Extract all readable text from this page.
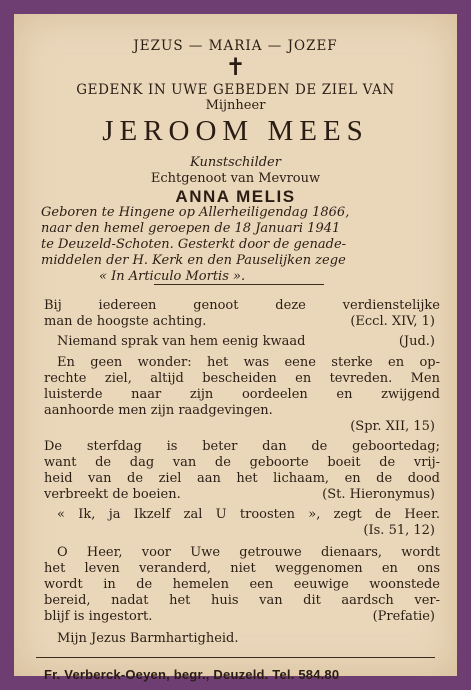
JEZUS — MARIA — JOZEF
✝
GEDENK IN UWE GEBEDEN DE ZIEL VAN
Mijnheer
JEROOM MEES
Kunstschilder
Echtgenoot van Mevrouw
ANNA MELIS
Geboren te Hingene op Allerheiligendag 1866,
naar den hemel geroepen de 18 Januari 1941
te Deuzeld-Schoten. Gesterkt door de genade-
middelen der H. Kerk en den Pauselijken zege
« In Articulo Mortis ».
Bij iedereen genoot deze verdienstelijke
man de hoogste achting.	(Eccl. XIV, 1)
Niemand sprak van hem eenig kwaad	(Jud.)
En geen wonder: het was eene sterke en op-
rechte ziel, altijd bescheiden en tevreden. Men
luisterde naar zijn oordeelen en zwijgend
aanhoorde men zijn raadgevingen.
(Spr. XII, 15)
De sterfdag is beter dan de geboortedag;
want de dag van de geboorte boeit de vrij-
heid van de ziel aan het lichaam, en de dood
verbreekt de boeien.	(St. Hieronymus)
« Ik, ja Ikzelf zal U troosten », zegt de Heer.
(Is. 51, 12)
O Heer, voor Uwe getrouwe dienaars, wordt
het leven veranderd, niet weggenomen en ons
wordt in de hemelen een eeuwige woonstede
bereid, nadat het huis van dit aardsch ver-
blijf is ingestort.	(Prefatie)
Mijn Jezus Barmhartigheid.
Fr. Verberck-Oeyen, begr., Deuzeld. Tel. 584.80
